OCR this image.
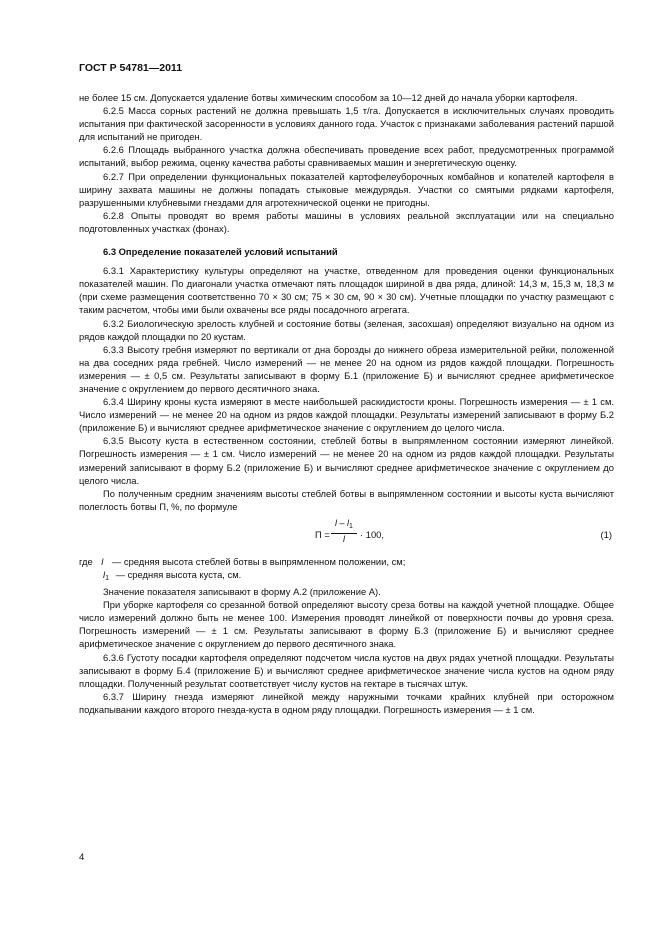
ГОСТ Р 54781—2011

не более 15 см. Допускается удаление ботвы химическим способом за 10—12 дней до начала уборки картофеля.

6.2.5 Масса сорных растений не должна превышать 1,5 т/га. Допускается в исключительных случаях проводить испытания при фактической засоренности в условиях данного года. Участок с признаками заболевания растений паршой для испытаний не пригоден.

6.2.6 Площадь выбранного участка должна обеспечивать проведение всех работ, предусмотренных программой испытаний, выбор режима, оценку качества работы сравниваемых машин и энергетическую оценку.

6.2.7 При определении функциональных показателей картофелеуборочных комбайнов и копателей картофеля в ширину захвата машины не должны попадать стыковые междурядья. Участки со смятыми рядками картофеля, разрушенными клубневыми гнездами для агротехнической оценки не пригодны.

6.2.8 Опыты проводят во время работы машины в условиях реальной эксплуатации или на специально подготовленных участках (фонах).

6.3 Определение показателей условий испытаний

6.3.1 Характеристику культуры определяют на участке, отведенном для проведения оценки функциональных показателей машин. По диагонали участка отмечают пять площадок шириной в два ряда, длиной: 14,3 м, 15,3 м, 18,3 м (при схеме размещения соответственно 70 × 30 см; 75 × 30 см, 90 × 30 см). Учетные площадки по участку размещают с таким расчетом, чтобы ими были охвачены все ряды посадочного агрегата.

6.3.2 Биологическую зрелость клубней и состояние ботвы (зеленая, засохшая) определяют визуально на одном из рядов каждой площадки по 20 кустам.

6.3.3 Высоту гребня измеряют по вертикали от дна борозды до нижнего обреза измерительной рейки, положенной на два соседних ряда гребней. Число измерений — не менее 20 на одном из рядов каждой площадки. Погрешность измерения — ± 0,5 см. Результаты записывают в форму Б.1 (приложение Б) и вычисляют среднее арифметическое значение с округлением до первого десятичного знака.

6.3.4 Ширину кроны куста измеряют в месте наибольшей раскидистости кроны. Погрешность измерения — ± 1 см. Число измерений — не менее 20 на одном из рядов каждой площадки. Результаты измерений записывают в форму Б.2 (приложение Б) и вычисляют среднее арифметическое значение с округлением до целого числа.

6.3.5 Высоту куста в естественном состоянии, стеблей ботвы в выпрямленном состоянии измеряют линейкой. Погрешность измерения — ± 1 см. Число измерений — не менее 20 на одном из рядов каждой площадки. Результаты измерений записывают в форму Б.2 (приложение Б) и вычисляют среднее арифметическое значение с округлением до целого числа.

По полученным средним значениям высоты стеблей ботвы в выпрямленном состоянии и высоты куста вычисляют полеглость ботвы П, %, по формуле

$П = \frac{l - l_1}{l} \cdot 100$,	(1)

где l — средняя высота стеблей ботвы в выпрямленном положении, см;

$l_1$ — средняя высота куста, см.

Значение показателя записывают в форму А.2 (приложение А).

При уборке картофеля со срезанной ботвой определяют высоту среза ботвы на каждой учетной площадке. Общее число измерений должно быть не менее 100. Измерения проводят линейкой от поверхности почвы до уровня среза. Погрешность измерений — ± 1 см. Результаты записывают в форму Б.3 (приложение Б) и вычисляют среднее арифметическое значение с округлением до первого десятичного знака.

6.3.6 Густоту посадки картофеля определяют подсчетом числа кустов на двух рядах учетной площадки. Результаты записывают в форму Б.4 (приложение Б) и вычисляют среднее арифметическое значение числа кустов на одном ряду площадки. Полученный результат соответствует числу кустов на гектаре в тысячах штук.

6.3.7 Ширину гнезда измеряют линейкой между наружными точками крайних клубней при осторожном подкапывании каждого второго гнезда-куста в одном ряду площадки. Погрешность измерения — ± 1 см.

4
